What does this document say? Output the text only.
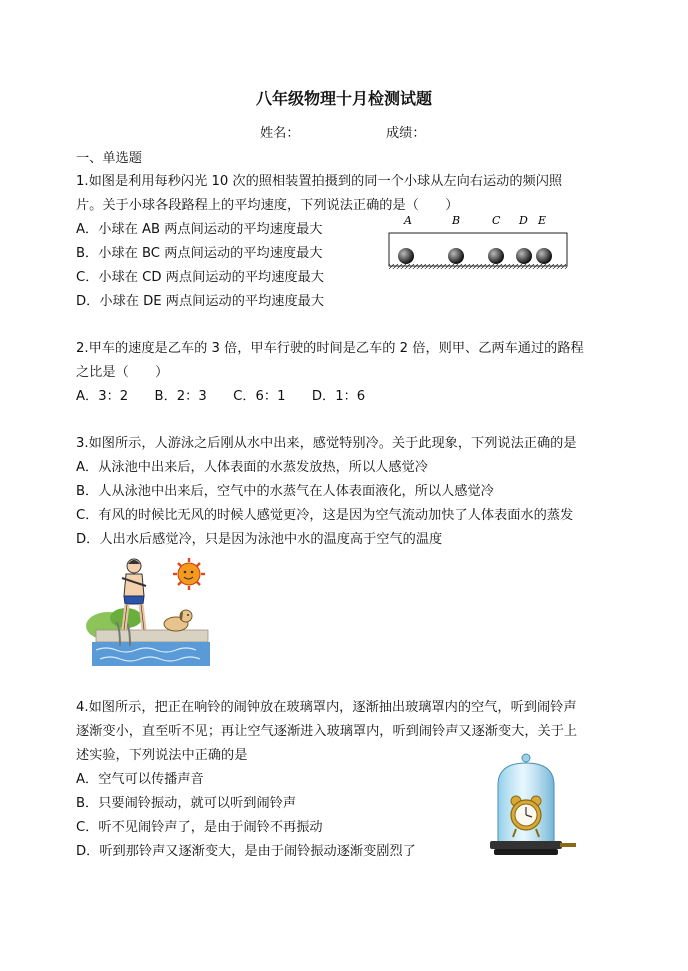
八年级物理十月检测试题
姓名：	成绩：
一、单选题
1.如图是利用每秒闪光 10 次的照相装置拍摄到的同一个小球从左向右运动的频闪照
片。关于小球各段路程上的平均速度，下列说法正确的是（　　）
A．小球在 AB 两点间运动的平均速度最大
B．小球在 BC 两点间运动的平均速度最大
C．小球在 CD 两点间运动的平均速度最大
D．小球在 DE 两点间运动的平均速度最大
A	B	C D E
2.甲车的速度是乙车的 3 倍，甲车行驶的时间是乙车的 2 倍，则甲、乙两车通过的路程
之比是（　　）
A．3：2　　B．2：3　　C．6：1　　D．1：6
3.如图所示，人游泳之后刚从水中出来，感觉特别冷。关于此现象，下列说法正确的是
A．从泳池中出来后，人体表面的水蒸发放热，所以人感觉冷
B．人从泳池中出来后，空气中的水蒸气在人体表面液化，所以人感觉冷
C．有风的时候比无风的时候人感觉更冷，这是因为空气流动加快了人体表面水的蒸发
D．人出水后感觉冷，只是因为泳池中水的温度高于空气的温度
4.如图所示，把正在响铃的闹钟放在玻璃罩内，逐渐抽出玻璃罩内的空气，听到闹铃声
逐渐变小，直至听不见；再让空气逐渐进入玻璃罩内，听到闹铃声又逐渐变大，关于上
述实验，下列说法中正确的是
A．空气可以传播声音
B．只要闹铃振动，就可以听到闹铃声
C．听不见闹铃声了，是由于闹铃不再振动
D．听到那铃声又逐渐变大，是由于闹铃振动逐渐变剧烈了
